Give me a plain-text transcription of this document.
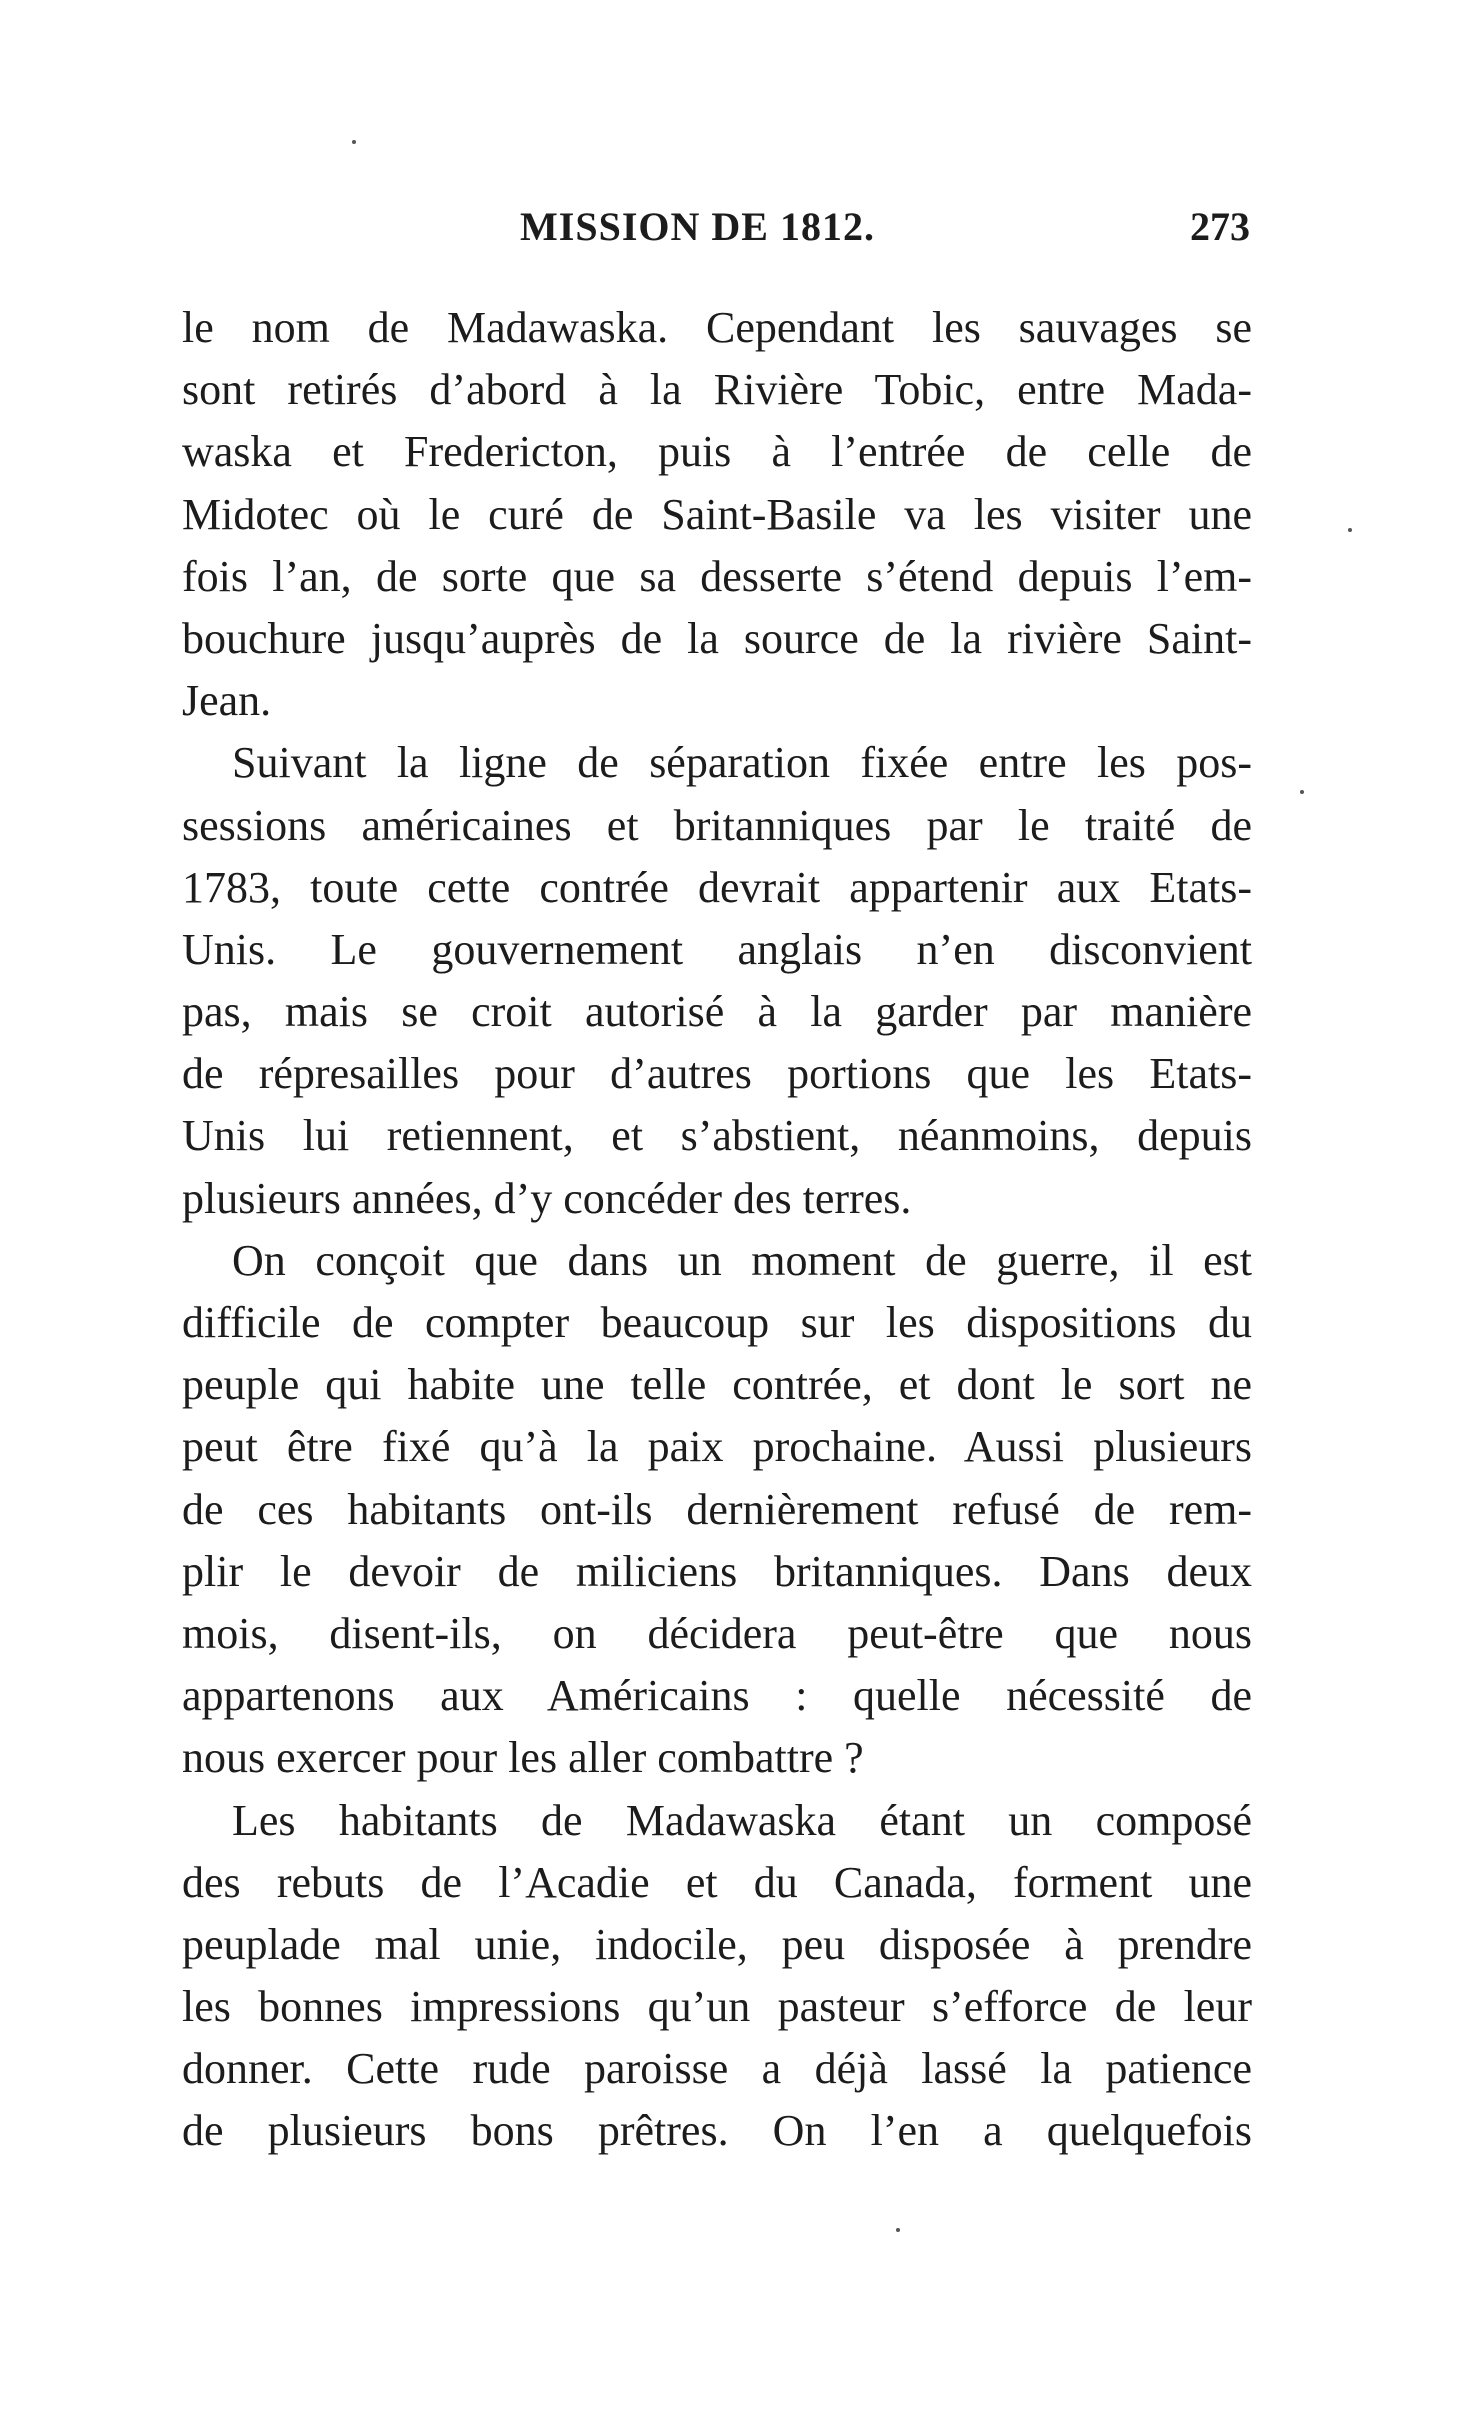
MISSION DE 1812.	273
le nom de Madawaska. Cependant les sauvages se
sont retirés d’abord à la Rivière Tobic, entre Mada-
waska et Fredericton, puis à l’entrée de celle de
Midotec où le curé de Saint-Basile va les visiter une
fois l’an, de sorte que sa desserte s’étend depuis l’em-
bouchure jusqu’auprès de la source de la rivière Saint-
Jean.
Suivant la ligne de séparation fixée entre les pos-
sessions américaines et britanniques par le traité de
1783, toute cette contrée devrait appartenir aux Etats-
Unis. Le gouvernement anglais n’en disconvient
pas, mais se croit autorisé à la garder par manière
de répresailles pour d’autres portions que les Etats-
Unis lui retiennent, et s’abstient, néanmoins, depuis
plusieurs années, d’y concéder des terres.
On conçoit que dans un moment de guerre, il est
difficile de compter beaucoup sur les dispositions du
peuple qui habite une telle contrée, et dont le sort ne
peut être fixé qu’à la paix prochaine. Aussi plusieurs
de ces habitants ont-ils dernièrement refusé de rem-
plir le devoir de miliciens britanniques. Dans deux
mois, disent-ils, on décidera peut-être que nous
appartenons aux Américains : quelle nécessité de
nous exercer pour les aller combattre ?
Les habitants de Madawaska étant un composé
des rebuts de l’Acadie et du Canada, forment une
peuplade mal unie, indocile, peu disposée à prendre
les bonnes impressions qu’un pasteur s’efforce de leur
donner. Cette rude paroisse a déjà lassé la patience
de plusieurs bons prêtres. On l’en a quelquefois
